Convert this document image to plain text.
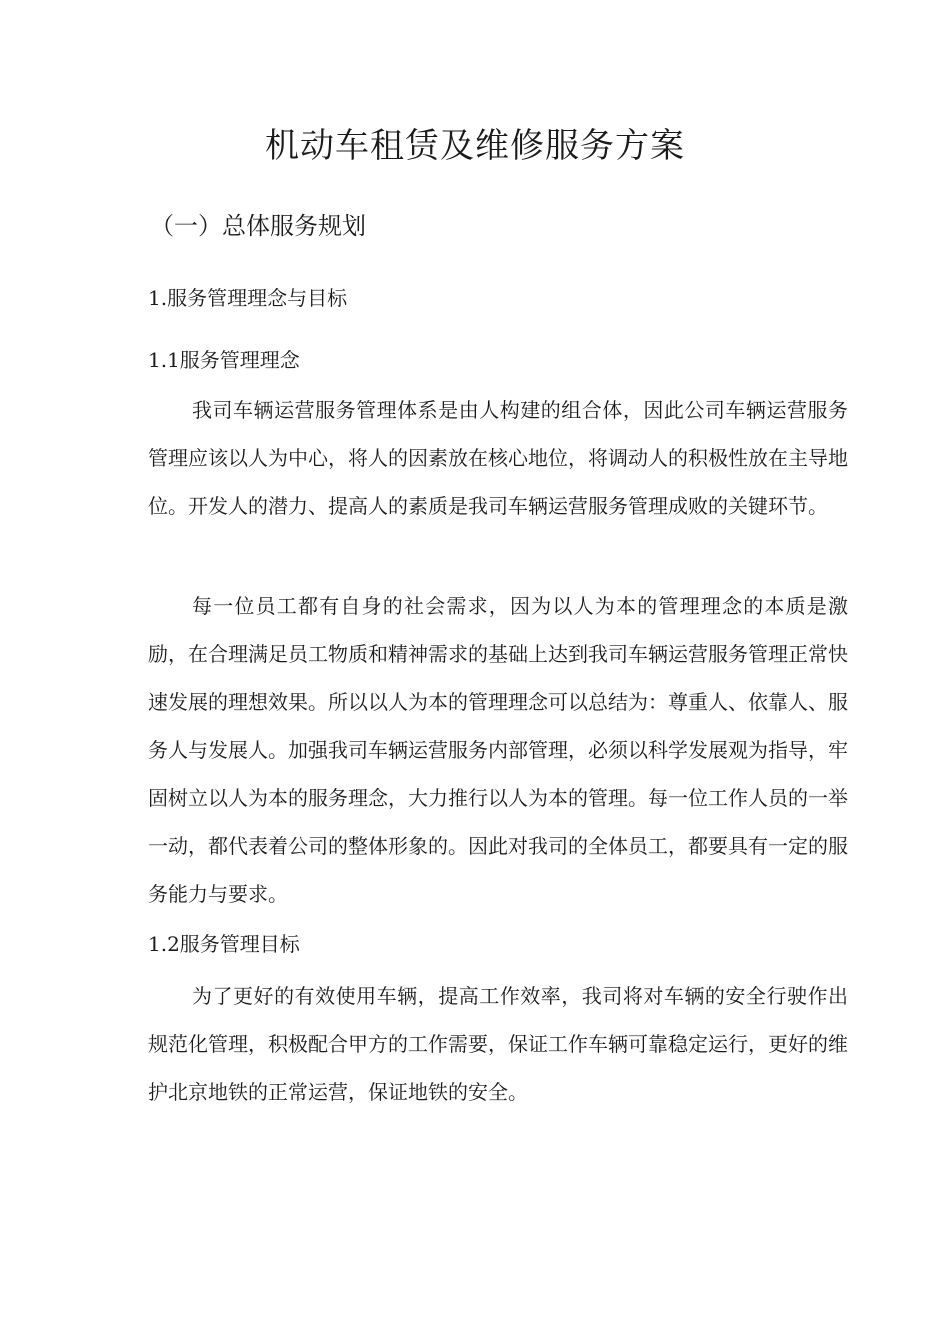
机动车租赁及维修服务方案
（一）总体服务规划
1.服务管理理念与目标
1.1服务管理理念

我司车辆运营服务管理体系是由人构建的组合体，因此公司车辆运营服务管理应该以人为中心，将人的因素放在核心地位，将调动人的积极性放在主导地位。开发人的潜力、提高人的素质是我司车辆运营服务管理成败的关键环节。

每一位员工都有自身的社会需求，因为以人为本的管理理念的本质是激励，在合理满足员工物质和精神需求的基础上达到我司车辆运营服务管理正常快速发展的理想效果。所以以人为本的管理理念可以总结为：尊重人、依靠人、服务人与发展人。加强我司车辆运营服务内部管理，必须以科学发展观为指导，牢固树立以人为本的服务理念，大力推行以人为本的管理。每一位工作人员的一举一动，都代表着公司的整体形象的。因此对我司的全体员工，都要具有一定的服务能力与要求。

1.2服务管理目标

为了更好的有效使用车辆，提高工作效率，我司将对车辆的安全行驶作出规范化管理，积极配合甲方的工作需要，保证工作车辆可靠稳定运行，更好的维护北京地铁的正常运营，保证地铁的安全。
